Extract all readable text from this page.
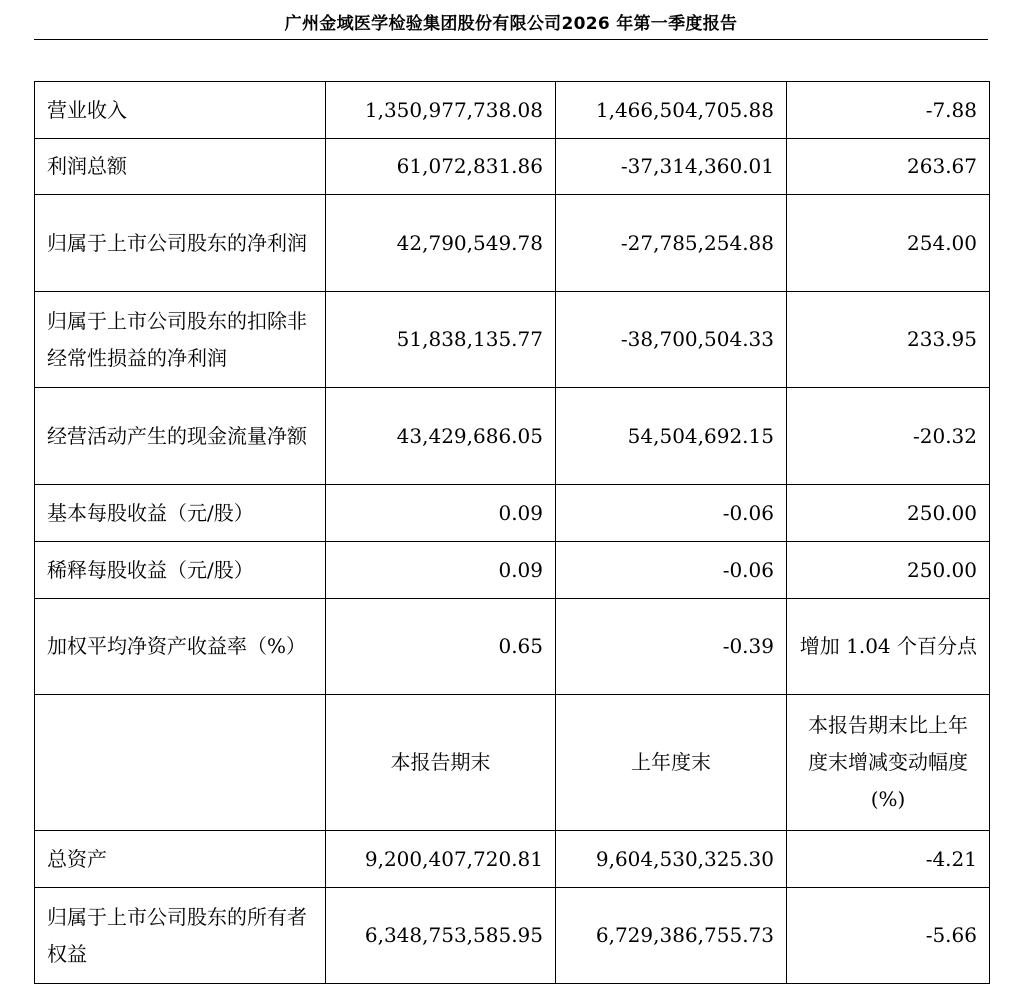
广州金域医学检验集团股份有限公司2026 年第一季度报告
营业收入	1,350,977,738.08	1,466,504,705.88	-7.88
利润总额	61,072,831.86	-37,314,360.01	263.67
归属于上市公司股东的净利润	42,790,549.78	-27,785,254.88	254.00
归属于上市公司股东的扣除非经常性损益的净利润	51,838,135.77	-38,700,504.33	233.95
经营活动产生的现金流量净额	43,429,686.05	54,504,692.15	-20.32
基本每股收益（元/股）	0.09	-0.06	250.00
稀释每股收益（元/股）	0.09	-0.06	250.00
加权平均净资产收益率（%）	0.65	-0.39	增加 1.04 个百分点
	本报告期末	上年度末	本报告期末比上年度末增减变动幅度(%)
总资产	9,200,407,720.81	9,604,530,325.30	-4.21
归属于上市公司股东的所有者权益	6,348,753,585.95	6,729,386,755.73	-5.66
